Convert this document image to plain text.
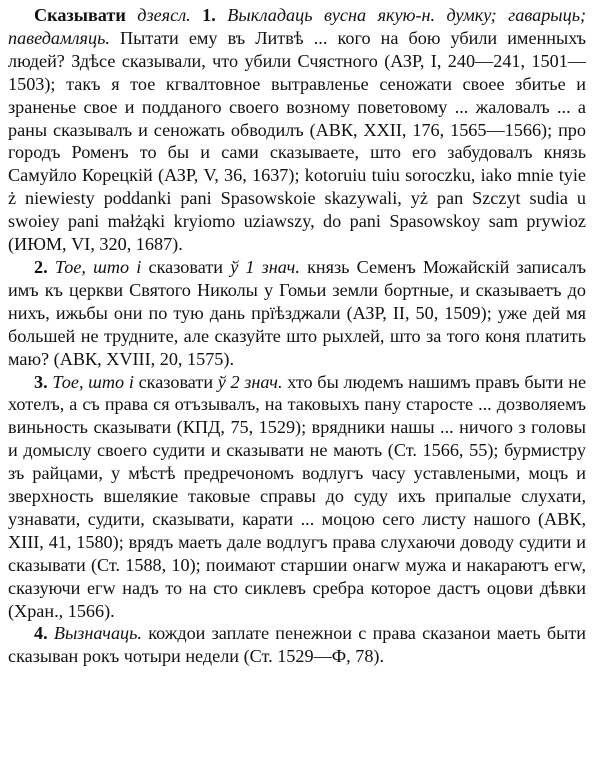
Сказывати дзеясл. 1. Выкладаць вусна якую-н. думку; гаварыць; паведамляць. Пытати ему въ Литвѣ ... кого на бою убили именныхъ людей? Здѣсе сказывали, что убили Счястного (АЗР, I, 240—241, 1501—1503); такъ я тое кгвалтовное вытравленье сеножати своее збитье и зраненье свое и подданого своего возному поветовому ... жаловалъ ... а раны сказывалъ и сеножать обводилъ (АВК, XXII, 176, 1565—1566); про городъ Роменъ то бы и сами сказываете, што его забудовалъ князь Самуйло Корецкій (АЗР, V, 36, 1637); kotoruiu tuiu soroczku, iako mnie tyie ż niewiesty poddanki pani Spasowskoie skazywali, yż pan Szczyt sudia u swoiey pani małżąki kryiomo uziawszy, do pani Spasowskoy sam prywioz (ИЮМ, VI, 320, 1687).

2. Тое, што і сказовати ў 1 знач. князь Семенъ Можайскій записалъ имъ къ церкви Святого Николы у Гомьи земли бортные, и сказываетъ до нихъ, ижьбы они по тую дань прїѣзджали (АЗР, II, 50, 1509); уже дей мя большей не трудните, але сказуйте што рыхлей, што за того коня платить маю? (АВК, XVIII, 20, 1575).

3. Тое, што і сказовати ў 2 знач. хто бы людемъ нашимъ правъ быти не хотелъ, а съ права ся отъзывалъ, на таковыхъ пану старосте ... дозволяемъ виньность сказывати (КПД, 75, 1529); врядники нашы ... ничого з головы и домыслу своего судити и сказывати не мають (Ст. 1566, 55); бурмистру зъ райцами, у мѣстѣ предречономъ водлугъ часу уставлеными, моцъ и зверхность вшелякие таковые справы до суду ихъ припалые слухати, узнавати, судити, сказывати, карати ... моцою сего листу нашого (АВК, XIII, 41, 1580); врядъ маеть дале водлугъ права слухаючи доводу судити и сказывати (Ст. 1588, 10); поимают старшии онагw мужа и накараютъ егw, сказуючи егw надъ то на сто сиклевъ сребра которое дастъ оцови дѣвки (Хран., 1566).

4. Вызначаць. кождои заплате пенежнои с права сказанои маеть быти сказыван рокъ чотыри недели (Ст. 1529—Ф, 78).
